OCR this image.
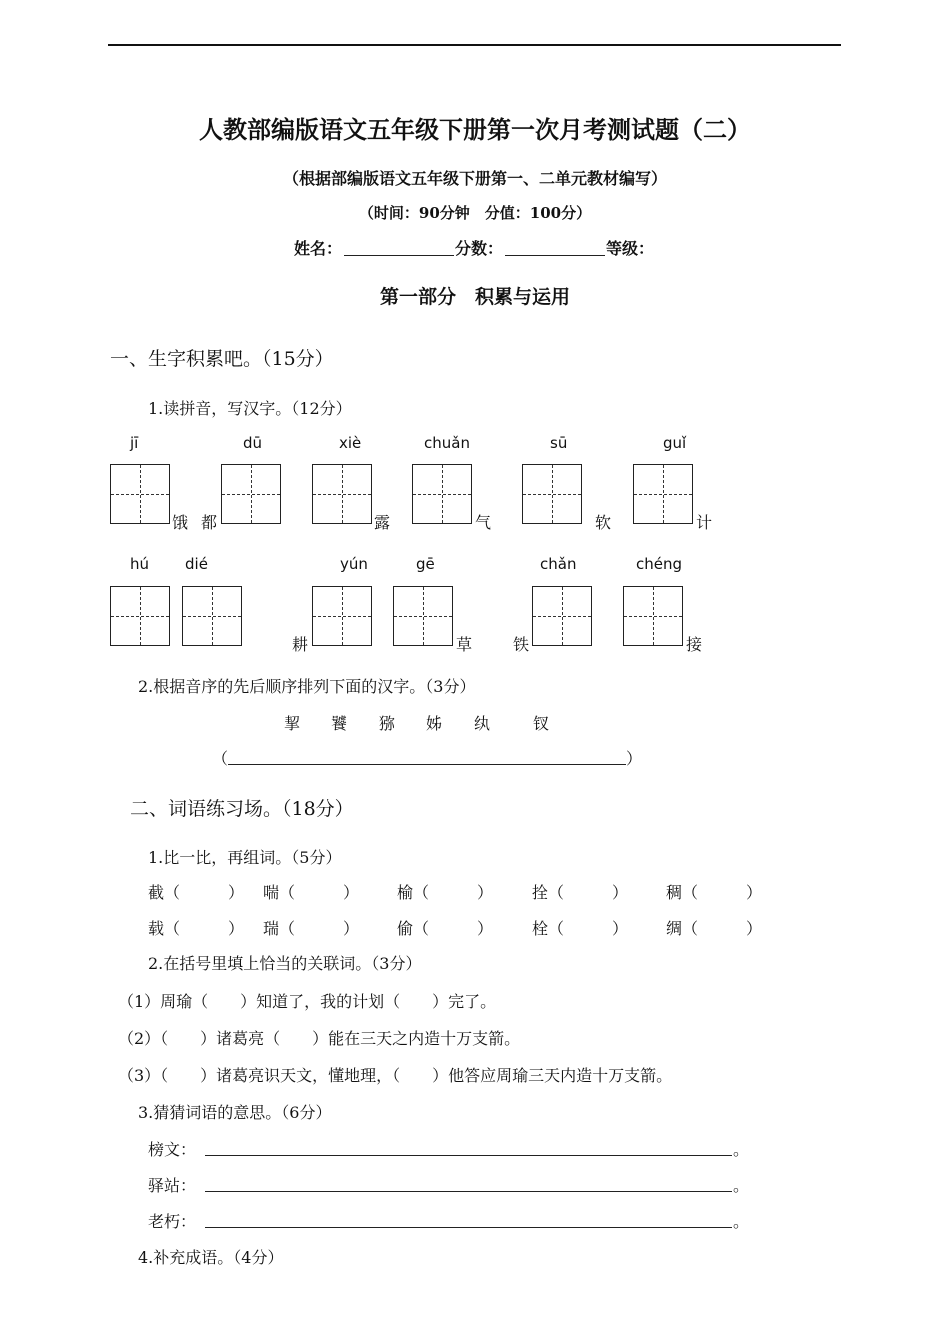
人教部编版语文五年级下册第一次月考测试题（二）
（根据部编版语文五年级下册第一、二单元教材编写）
（时间：90分钟　分值：100分）
姓名：	分数：	等级：
第一部分　积累与运用
一、生字积累吧。（15分）
1.读拼音，写汉字。（12分）
jī	dū	xiè	chuǎn	sū	guǐ
饿 都	露	气	软	计
hú dié	yún	gē	chǎn	chéng
耕	草	铁	接
2.根据音序的先后顺序排列下面的汉字。（3分）
挈 饕 猕 姊 纨	钗
（	）
二、词语练习场。（18分）
1.比一比，再组词。（5分）
截（　　　） 喘（　　　） 榆（　　　） 拴（　　　） 稠（　　　）
载（　　　） 瑞（　　　） 偷（　　　） 栓（　　　） 绸（　　　）
2.在括号里填上恰当的关联词。（3分）
（1）周瑜（　　）知道了，我的计划（　　）完了。
（2）（　　）诸葛亮（　　）能在三天之内造十万支箭。
（3）（　　）诸葛亮识天文，懂地理，（　　）他答应周瑜三天内造十万支箭。
3.猜猜词语的意思。（6分）
榜文：	。
驿站：	。
老朽：	。
4.补充成语。（4分）
